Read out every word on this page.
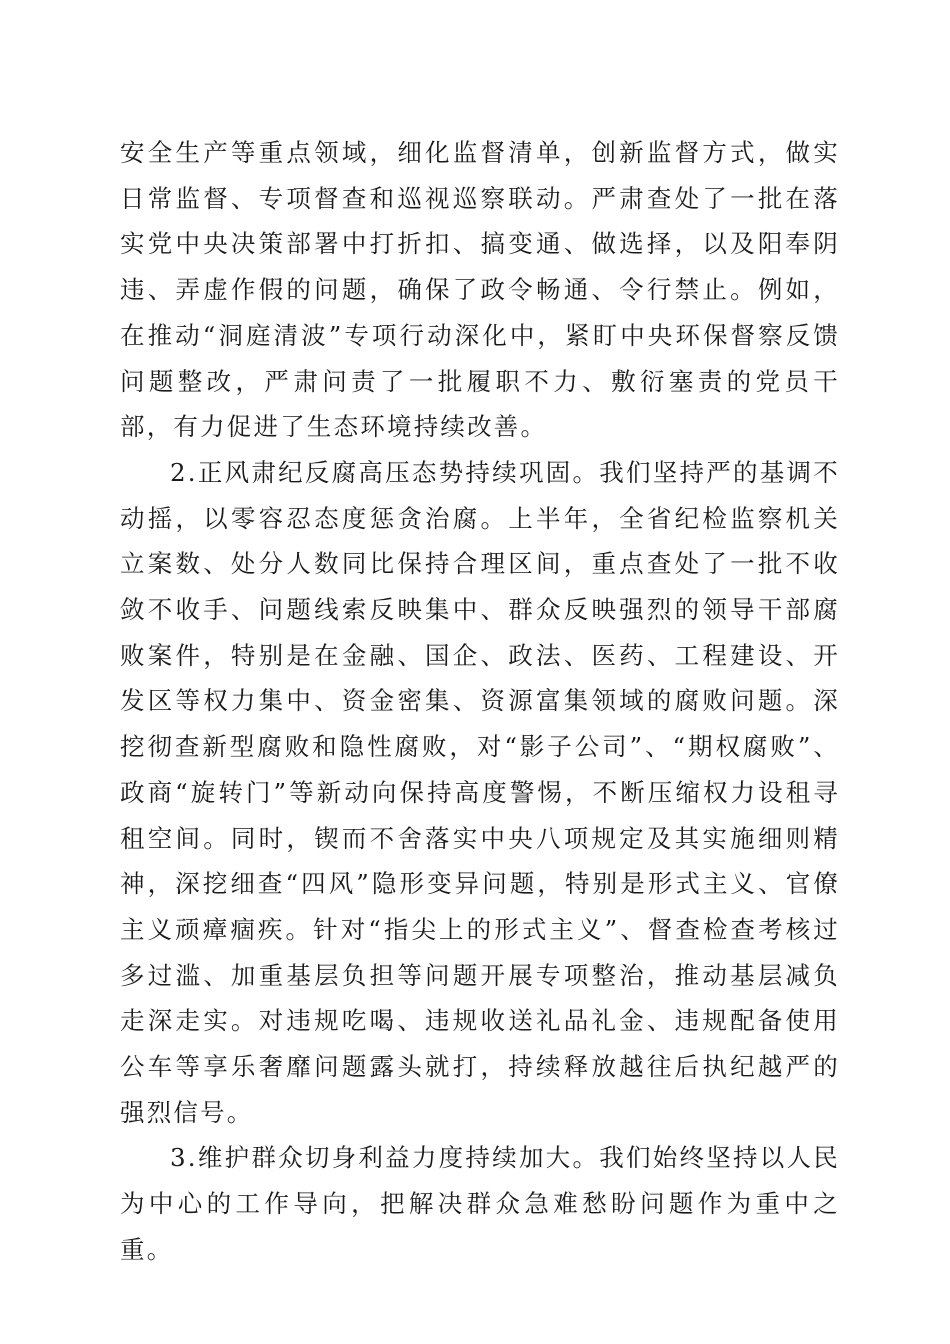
安全生产等重点领域，细化监督清单，创新监督方式，做实日常监督、专项督查和巡视巡察联动。严肃查处了一批在落实党中央决策部署中打折扣、搞变通、做选择，以及阳奉阴违、弄虚作假的问题，确保了政令畅通、令行禁止。例如，在推动“洞庭清波”专项行动深化中，紧盯中央环保督察反馈问题整改，严肃问责了一批履职不力、敷衍塞责的党员干部，有力促进了生态环境持续改善。

2.正风肃纪反腐高压态势持续巩固。我们坚持严的基调不动摇，以零容忍态度惩贪治腐。上半年，全省纪检监察机关立案数、处分人数同比保持合理区间，重点查处了一批不收敛不收手、问题线索反映集中、群众反映强烈的领导干部腐败案件，特别是在金融、国企、政法、医药、工程建设、开发区等权力集中、资金密集、资源富集领域的腐败问题。深挖彻查新型腐败和隐性腐败，对“影子公司”、“期权腐败”、政商“旋转门”等新动向保持高度警惕，不断压缩权力设租寻租空间。同时，锲而不舍落实中央八项规定及其实施细则精神，深挖细查“四风”隐形变异问题，特别是形式主义、官僚主义顽瘴痼疾。针对“指尖上的形式主义”、督查检查考核过多过滥、加重基层负担等问题开展专项整治，推动基层减负走深走实。对违规吃喝、违规收送礼品礼金、违规配备使用公车等享乐奢靡问题露头就打，持续释放越往后执纪越严的强烈信号。

3.维护群众切身利益力度持续加大。我们始终坚持以人民为中心的工作导向，把解决群众急难愁盼问题作为重中之重。
